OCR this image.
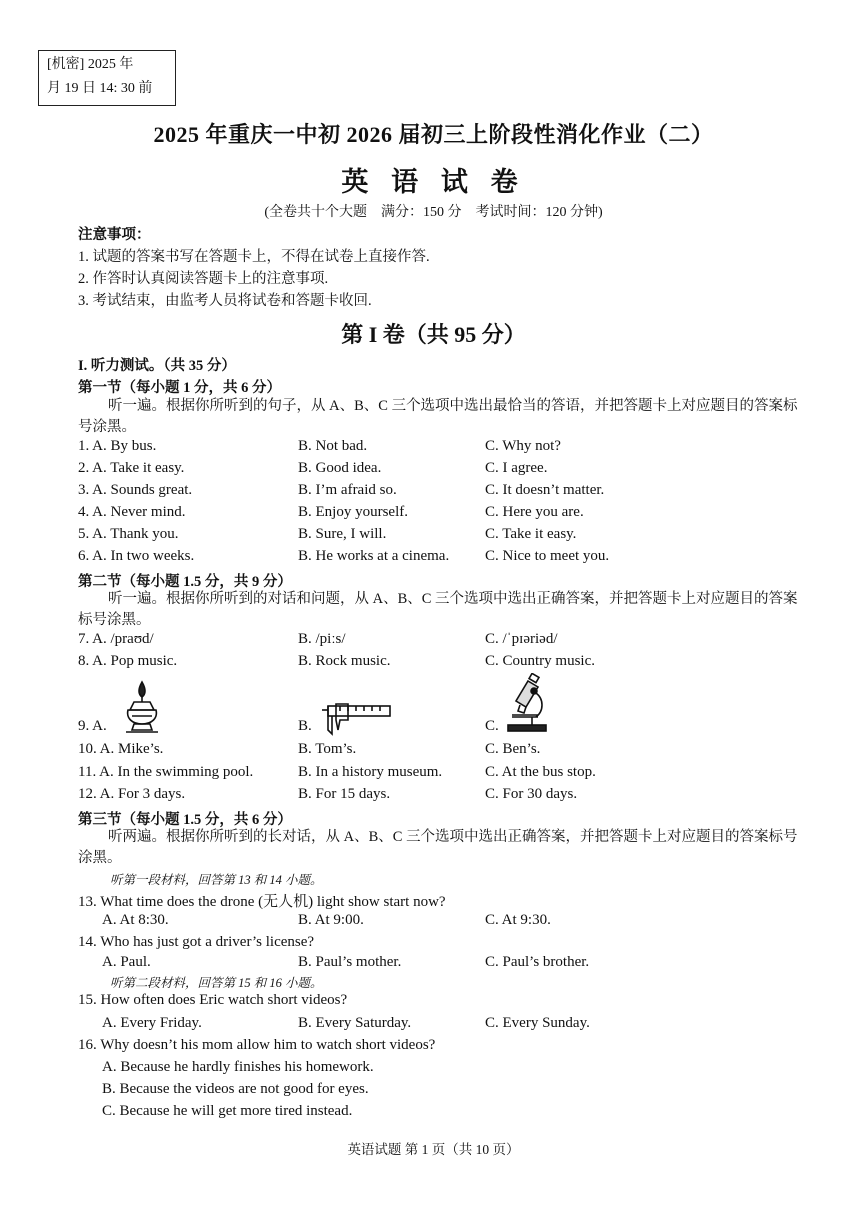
[机密] 2025 年
月 19 日 14: 30 前
2025 年重庆一中初 2026 届初三上阶段性消化作业（二）
英 语 试 卷
(全卷共十个大题　满分：150 分　考试时间：120 分钟)
注意事项：
1. 试题的答案书写在答题卡上，不得在试卷上直接作答.
2. 作答时认真阅读答题卡上的注意事项.
3. 考试结束，由监考人员将试卷和答题卡收回.
第 I 卷（共 95 分）
I. 听力测试。（共 35 分）
第一节（每小题 1 分，共 6 分）
听一遍。根据你所听到的句子，从 A、B、C 三个选项中选出最恰当的答语，并把答题卡上对应题目的答案标号涂黑。
1. A. By bus.	B. Not bad.	C. Why not?
2. A. Take it easy.	B. Good idea.	C. I agree.
3. A. Sounds great.	B. I’m afraid so.	C. It doesn’t matter.
4. A. Never mind.	B. Enjoy yourself.	C. Here you are.
5. A. Thank you.	B. Sure, I will.	C. Take it easy.
6. A. In two weeks.	B. He works at a cinema. C. Nice to meet you.
第二节（每小题 1.5 分，共 9 分）
听一遍。根据你所听到的对话和问题，从 A、B、C 三个选项中选出正确答案，并把答题卡上对应题目的答案标号涂黑。
7. A. /praʊd/	B. /piːs/	C. /ˈpɪəriəd/
8. A. Pop music.	B. Rock music.	C. Country music.
9. A.	B.	C.
10. A. Mike’s.	B. Tom’s.	C. Ben’s.
11. A. In the swimming pool.	B. In a history museum.	C. At the bus stop.
12. A. For 3 days.	B. For 15 days.	C. For 30 days.
第三节（每小题 1.5 分，共 6 分）
听两遍。根据你所听到的长对话，从 A、B、C 三个选项中选出正确答案，并把答题卡上对应题目的答案标号涂黑。
听第一段材料，回答第 13 和 14 小题。
13. What time does the drone (无人机) light show start now?
A. At 8:30.	B. At 9:00.	C. At 9:30.
14. Who has just got a driver’s license?
A. Paul.	B. Paul’s mother.	C. Paul’s brother.
听第二段材料，回答第 15 和 16 小题。
15. How often does Eric watch short videos?
A. Every Friday.	B. Every Saturday.	C. Every Sunday.
16. Why doesn’t his mom allow him to watch short videos?
A. Because he hardly finishes his homework.
B. Because the videos are not good for eyes.
C. Because he will get more tired instead.
英语试题 第 1 页（共 10 页）
